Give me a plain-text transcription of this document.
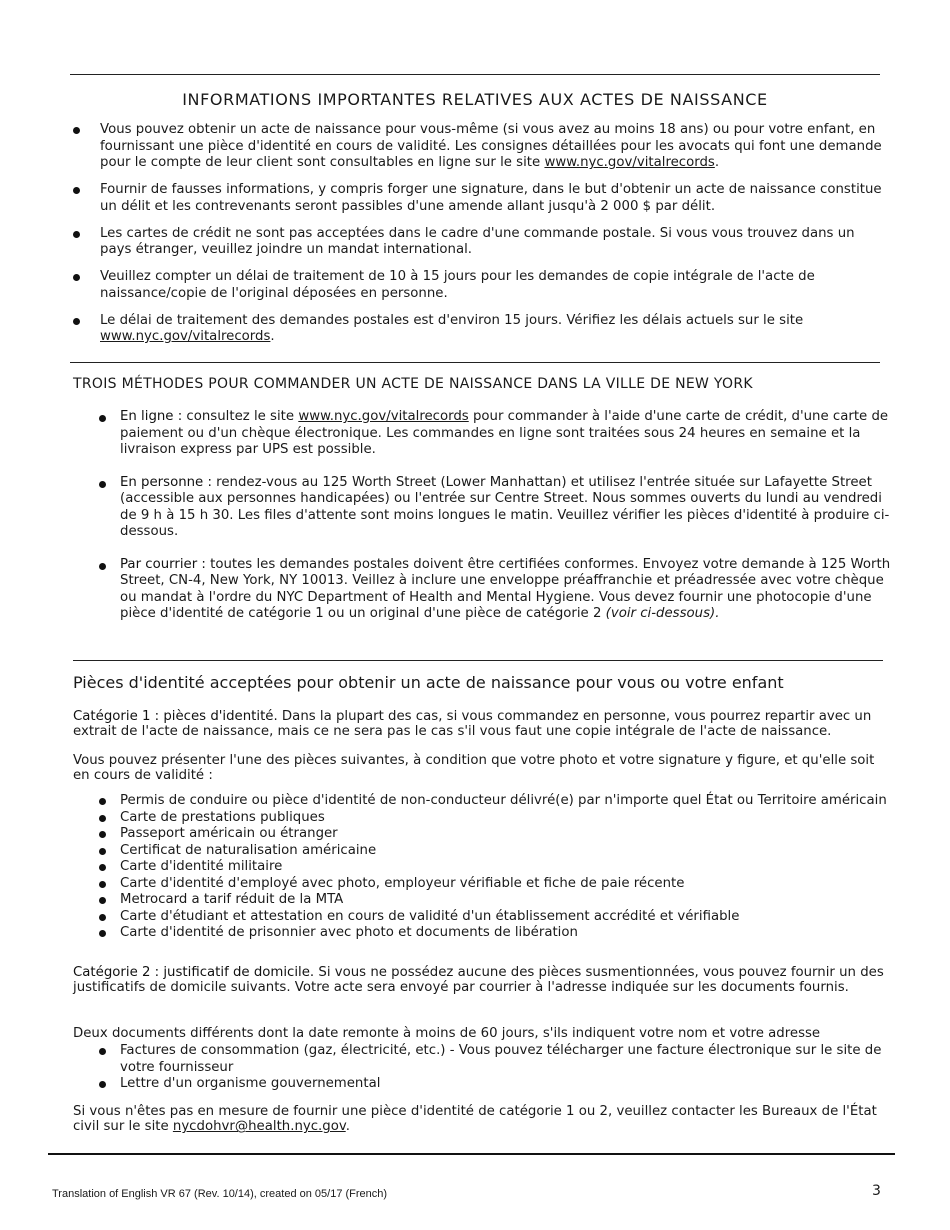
INFORMATIONS IMPORTANTES RELATIVES AUX ACTES DE NAISSANCE
Vous pouvez obtenir un acte de naissance pour vous-même (si vous avez au moins 18 ans) ou pour votre enfant, en fournissant une pièce d'identité en cours de validité. Les consignes détaillées pour les avocats qui font une demande pour le compte de leur client sont consultables en ligne sur le site www.nyc.gov/vitalrecords.
Fournir de fausses informations, y compris forger une signature, dans le but d'obtenir un acte de naissance constitue un délit et les contrevenants seront passibles d'une amende allant jusqu'à 2 000 $ par délit.
Les cartes de crédit ne sont pas acceptées dans le cadre d'une commande postale. Si vous vous trouvez dans un pays étranger, veuillez joindre un mandat international.
Veuillez compter un délai de traitement de 10 à 15 jours pour les demandes de copie intégrale de l'acte de naissance/copie de l'original déposées en personne.
Le délai de traitement des demandes postales est d'environ 15 jours. Vérifiez les délais actuels sur le site www.nyc.gov/vitalrecords.
TROIS MÉTHODES POUR COMMANDER UN ACTE DE NAISSANCE DANS LA VILLE DE NEW YORK
En ligne : consultez le site www.nyc.gov/vitalrecords pour commander à l'aide d'une carte de crédit, d'une carte de paiement ou d'un chèque électronique. Les commandes en ligne sont traitées sous 24 heures en semaine et la livraison express par UPS est possible.
En personne : rendez-vous au 125 Worth Street (Lower Manhattan) et utilisez l'entrée située sur Lafayette Street (accessible aux personnes handicapées) ou l'entrée sur Centre Street. Nous sommes ouverts du lundi au vendredi de 9 h à 15 h 30. Les files d'attente sont moins longues le matin. Veuillez vérifier les pièces d'identité à produire ci-dessous.
Par courrier : toutes les demandes postales doivent être certifiées conformes. Envoyez votre demande à 125 Worth Street, CN-4, New York, NY 10013. Veillez à inclure une enveloppe préaffranchie et préadressée avec votre chèque ou mandat à l'ordre du NYC Department of Health and Mental Hygiene. Vous devez fournir une photocopie d'une pièce d'identité de catégorie 1 ou un original d'une pièce de catégorie 2 (voir ci-dessous).
Pièces d'identité acceptées pour obtenir un acte de naissance pour vous ou votre enfant
Catégorie 1 : pièces d'identité. Dans la plupart des cas, si vous commandez en personne, vous pourrez repartir avec un extrait de l'acte de naissance, mais ce ne sera pas le cas s'il vous faut une copie intégrale de l'acte de naissance.
Vous pouvez présenter l'une des pièces suivantes, à condition que votre photo et votre signature y figure, et qu'elle soit en cours de validité :
Permis de conduire ou pièce d'identité de non-conducteur délivré(e) par n'importe quel État ou Territoire américain
Carte de prestations publiques
Passeport américain ou étranger
Certificat de naturalisation américaine
Carte d'identité militaire
Carte d'identité d'employé avec photo, employeur vérifiable et fiche de paie récente
Metrocard a tarif réduit de la MTA
Carte d'étudiant et attestation en cours de validité d'un établissement accrédité et vérifiable
Carte d'identité de prisonnier avec photo et documents de libération
Catégorie 2 : justificatif de domicile. Si vous ne possédez aucune des pièces susmentionnées, vous pouvez fournir un des justificatifs de domicile suivants. Votre acte sera envoyé par courrier à l'adresse indiquée sur les documents fournis.
Deux documents différents dont la date remonte à moins de 60 jours, s'ils indiquent votre nom et votre adresse
Factures de consommation (gaz, électricité, etc.) - Vous pouvez télécharger une facture électronique sur le site de votre fournisseur
Lettre d'un organisme gouvernemental
Si vous n'êtes pas en mesure de fournir une pièce d'identité de catégorie 1 ou 2, veuillez contacter les Bureaux de l'État civil sur le site nycdohvr@health.nyc.gov.
Translation of English VR 67 (Rev. 10/14), created on 05/17 (French)	3
